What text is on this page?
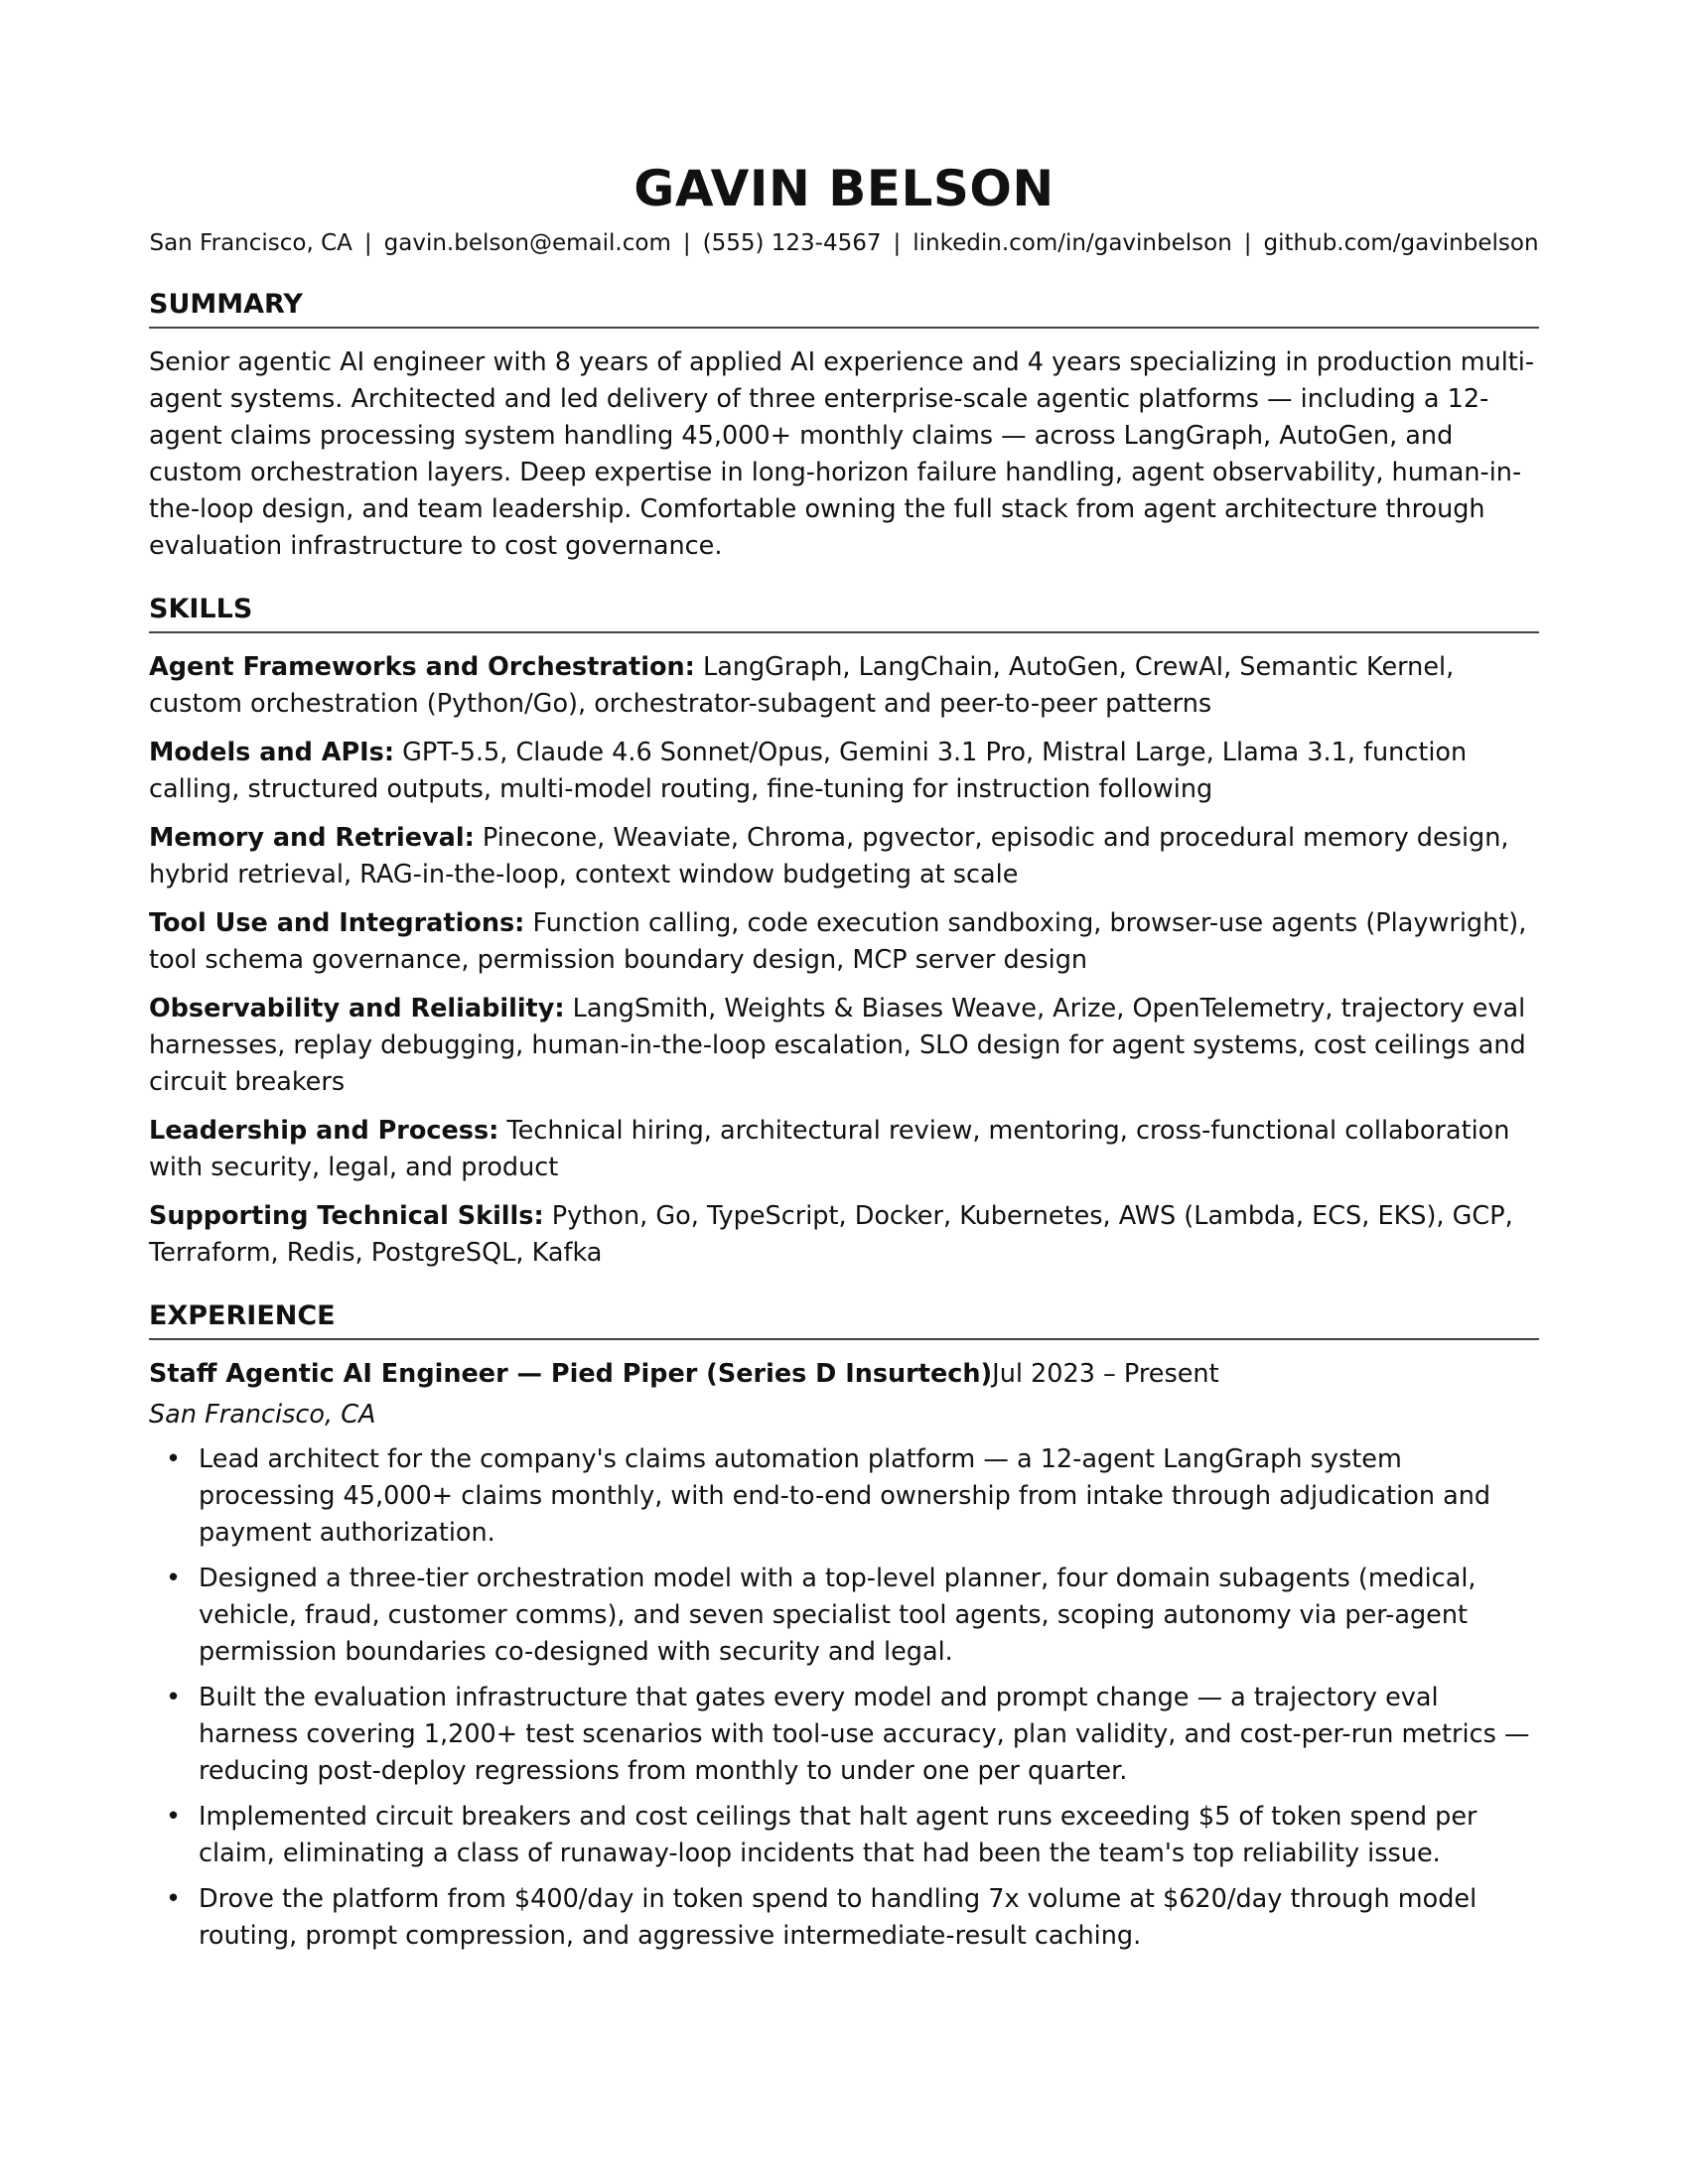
GAVIN BELSON
San Francisco, CA | gavin.belson@email.com | (555) 123-4567 | linkedin.com/in/gavinbelson | github.com/gavinbelson
SUMMARY
Senior agentic AI engineer with 8 years of applied AI experience and 4 years specializing in production multi-agent systems. Architected and led delivery of three enterprise-scale agentic platforms — including a 12-agent claims processing system handling 45,000+ monthly claims — across LangGraph, AutoGen, and custom orchestration layers. Deep expertise in long-horizon failure handling, agent observability, human-in-the-loop design, and team leadership. Comfortable owning the full stack from agent architecture through evaluation infrastructure to cost governance.
SKILLS
Agent Frameworks and Orchestration: LangGraph, LangChain, AutoGen, CrewAI, Semantic Kernel, custom orchestration (Python/Go), orchestrator-subagent and peer-to-peer patterns
Models and APIs: GPT-5.5, Claude 4.6 Sonnet/Opus, Gemini 3.1 Pro, Mistral Large, Llama 3.1, function calling, structured outputs, multi-model routing, fine-tuning for instruction following
Memory and Retrieval: Pinecone, Weaviate, Chroma, pgvector, episodic and procedural memory design, hybrid retrieval, RAG-in-the-loop, context window budgeting at scale
Tool Use and Integrations: Function calling, code execution sandboxing, browser-use agents (Playwright), tool schema governance, permission boundary design, MCP server design
Observability and Reliability: LangSmith, Weights & Biases Weave, Arize, OpenTelemetry, trajectory eval harnesses, replay debugging, human-in-the-loop escalation, SLO design for agent systems, cost ceilings and circuit breakers
Leadership and Process: Technical hiring, architectural review, mentoring, cross-functional collaboration with security, legal, and product
Supporting Technical Skills: Python, Go, TypeScript, Docker, Kubernetes, AWS (Lambda, ECS, EKS), GCP, Terraform, Redis, PostgreSQL, Kafka
EXPERIENCE
Staff Agentic AI Engineer — Pied Piper (Series D Insurtech)Jul 2023 – Present
San Francisco, CA
• Lead architect for the company's claims automation platform — a 12-agent LangGraph system processing 45,000+ claims monthly, with end-to-end ownership from intake through adjudication and payment authorization.
• Designed a three-tier orchestration model with a top-level planner, four domain subagents (medical, vehicle, fraud, customer comms), and seven specialist tool agents, scoping autonomy via per-agent permission boundaries co-designed with security and legal.
• Built the evaluation infrastructure that gates every model and prompt change — a trajectory eval harness covering 1,200+ test scenarios with tool-use accuracy, plan validity, and cost-per-run metrics — reducing post-deploy regressions from monthly to under one per quarter.
• Implemented circuit breakers and cost ceilings that halt agent runs exceeding $5 of token spend per claim, eliminating a class of runaway-loop incidents that had been the team's top reliability issue.
• Drove the platform from $400/day in token spend to handling 7x volume at $620/day through model routing, prompt compression, and aggressive intermediate-result caching.
